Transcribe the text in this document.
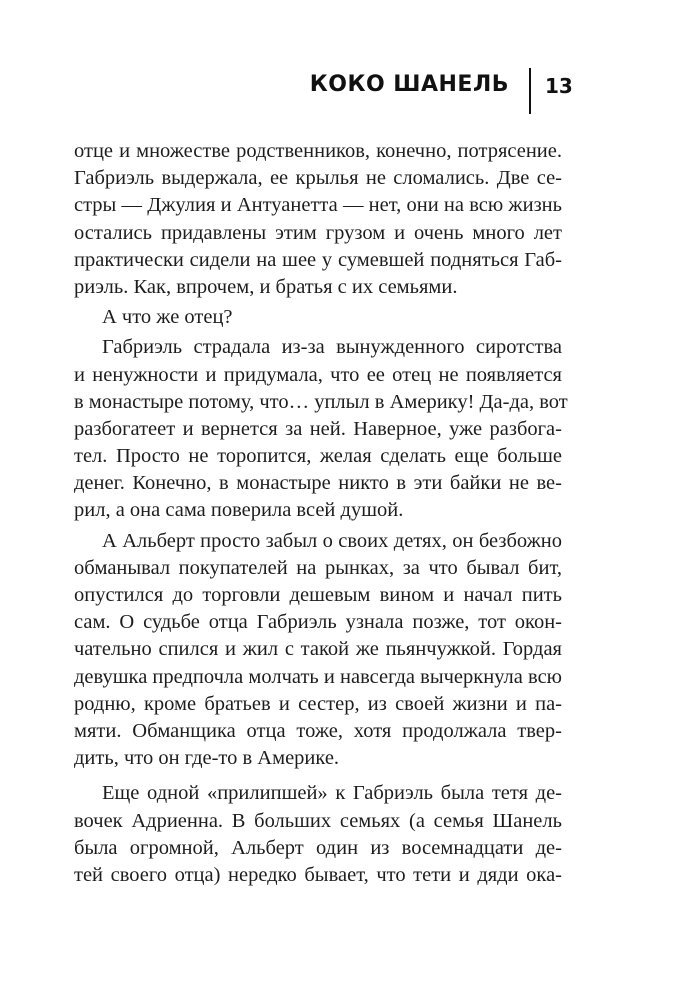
КОКО ШАНЕЛЬ 13
отце и множестве родственников, конечно, потрясение.
Габриэль выдержала, ее крылья не сломались. Две се-
стры — Джулия и Антуанетта — нет, они на всю жизнь
остались придавлены этим грузом и очень много лет
практически сидели на шее у сумевшей подняться Габ-
риэль. Как, впрочем, и братья с их семьями.
А что же отец?
Габриэль страдала из-за вынужденного сиротства
и ненужности и придумала, что ее отец не появляется
в монастыре потому, что… уплыл в Америку! Да-да, вот
разбогатеет и вернется за ней. Наверное, уже разбога-
тел. Просто не торопится, желая сделать еще больше
денег. Конечно, в монастыре никто в эти байки не ве-
рил, а она сама поверила всей душой.
А Альберт просто забыл о своих детях, он безбожно
обманывал покупателей на рынках, за что бывал бит,
опустился до торговли дешевым вином и начал пить
сам. О судьбе отца Габриэль узнала позже, тот окон-
чательно спился и жил с такой же пьянчужкой. Гордая
девушка предпочла молчать и навсегда вычеркнула всю
родню, кроме братьев и сестер, из своей жизни и па-
мяти. Обманщика отца тоже, хотя продолжала твер-
дить, что он где-то в Америке.
Еще одной «прилипшей» к Габриэль была тетя де-
вочек Адриенна. В больших семьях (а семья Шанель
была огромной, Альберт один из восемнадцати де-
тей своего отца) нередко бывает, что тети и дяди ока-
